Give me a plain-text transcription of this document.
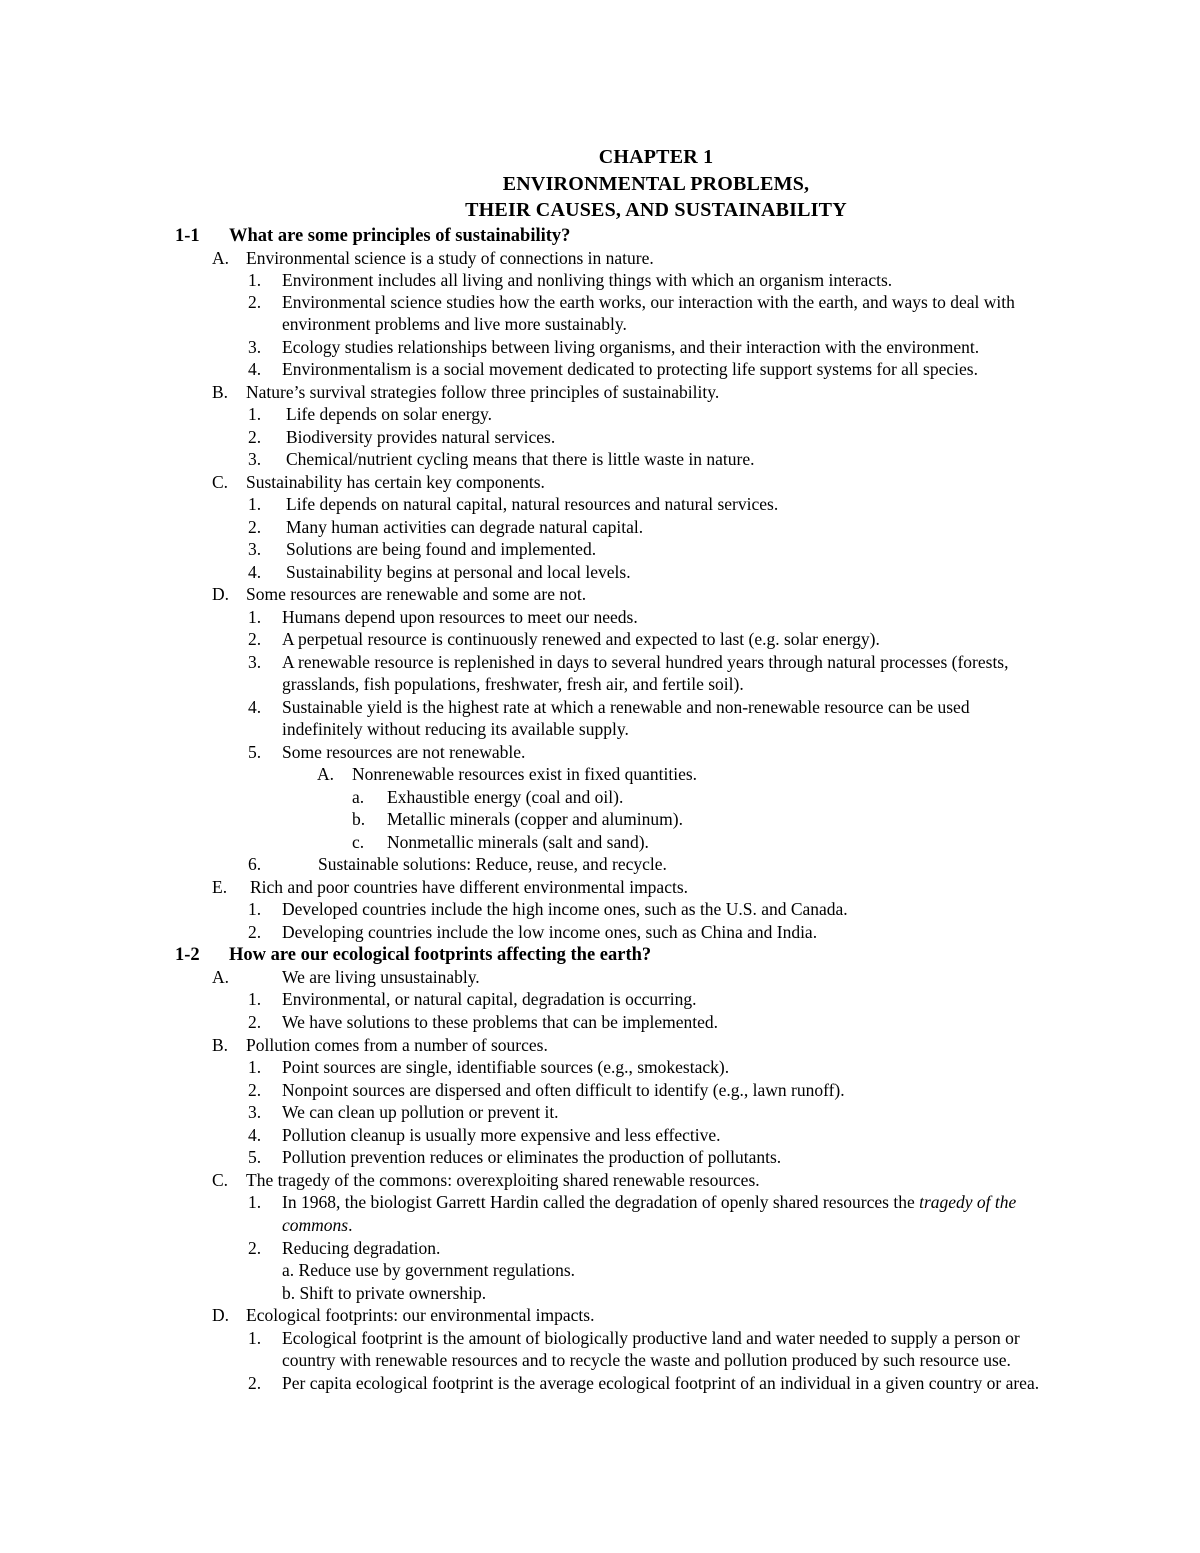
CHAPTER 1
ENVIRONMENTAL PROBLEMS,
THEIR CAUSES, AND SUSTAINABILITY
1-1 What are some principles of sustainability?
A. Environmental science is a study of connections in nature.
1. Environment includes all living and nonliving things with which an organism interacts.
2. Environmental science studies how the earth works, our interaction with the earth, and ways to deal with
environment problems and live more sustainably.
3. Ecology studies relationships between living organisms, and their interaction with the environment.
4. Environmentalism is a social movement dedicated to protecting life support systems for all species.
B. Nature’s survival strategies follow three principles of sustainability.
1. Life depends on solar energy.
2. Biodiversity provides natural services.
3. Chemical/nutrient cycling means that there is little waste in nature.
C. Sustainability has certain key components.
1. Life depends on natural capital, natural resources and natural services.
2. Many human activities can degrade natural capital.
3. Solutions are being found and implemented.
4. Sustainability begins at personal and local levels.
D. Some resources are renewable and some are not.
1. Humans depend upon resources to meet our needs.
2. A perpetual resource is continuously renewed and expected to last (e.g. solar energy).
3. A renewable resource is replenished in days to several hundred years through natural processes (forests,
grasslands, fish populations, freshwater, fresh air, and fertile soil).
4. Sustainable yield is the highest rate at which a renewable and non-renewable resource can be used
indefinitely without reducing its available supply.
5. Some resources are not renewable.
A. Nonrenewable resources exist in fixed quantities.
a. Exhaustible energy (coal and oil).
b. Metallic minerals (copper and aluminum).
c. Nonmetallic minerals (salt and sand).
6.	Sustainable solutions: Reduce, reuse, and recycle.
E. Rich and poor countries have different environmental impacts.
1. Developed countries include the high income ones, such as the U.S. and Canada.
2. Developing countries include the low income ones, such as China and India.
1-2 How are our ecological footprints affecting the earth?
A.	We are living unsustainably.
1. Environmental, or natural capital, degradation is occurring.
2. We have solutions to these problems that can be implemented.
B. Pollution comes from a number of sources.
1. Point sources are single, identifiable sources (e.g., smokestack).
2. Nonpoint sources are dispersed and often difficult to identify (e.g., lawn runoff).
3. We can clean up pollution or prevent it.
4. Pollution cleanup is usually more expensive and less effective.
5. Pollution prevention reduces or eliminates the production of pollutants.
C. The tragedy of the commons: overexploiting shared renewable resources.
1. In 1968, the biologist Garrett Hardin called the degradation of openly shared resources the tragedy of the
commons.
2. Reducing degradation.
a. Reduce use by government regulations.
b. Shift to private ownership.
D. Ecological footprints: our environmental impacts.
1. Ecological footprint is the amount of biologically productive land and water needed to supply a person or
country with renewable resources and to recycle the waste and pollution produced by such resource use.
2. Per capita ecological footprint is the average ecological footprint of an individual in a given country or area.
